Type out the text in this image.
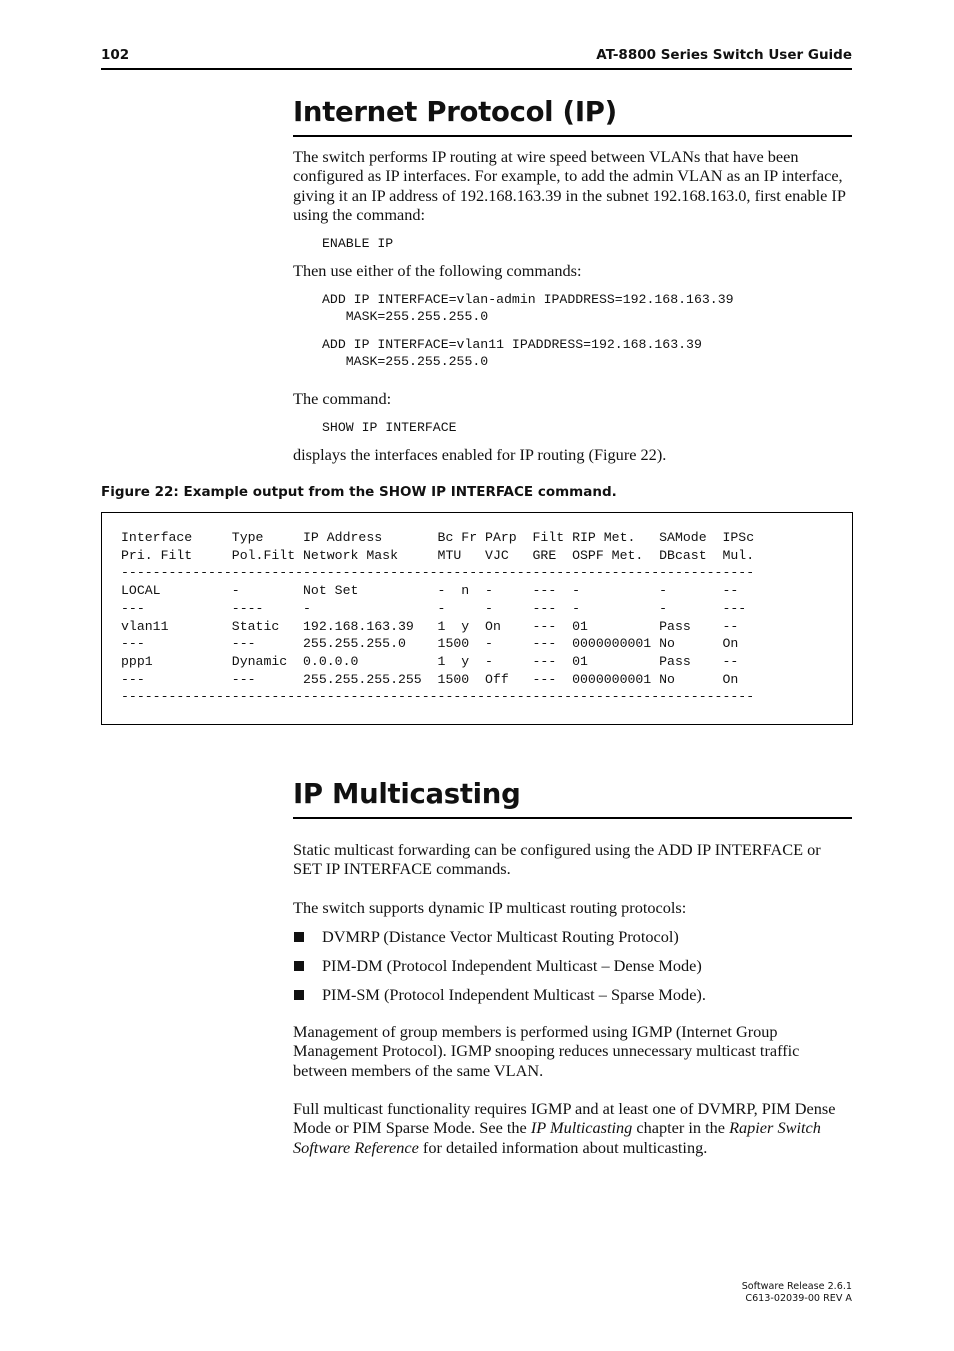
102	AT-8800 Series Switch User Guide
Internet Protocol (IP)
The switch performs IP routing at wire speed between VLANs that have been configured as IP interfaces. For example, to add the admin VLAN as an IP interface, giving it an IP address of 192.168.163.39 in the subnet 192.168.163.0, first enable IP using the command:
ENABLE IP
Then use either of the following commands:
ADD IP INTERFACE=vlan-admin IPADDRESS=192.168.163.39
MASK=255.255.255.0
ADD IP INTERFACE=vlan11 IPADDRESS=192.168.163.39
MASK=255.255.255.0
The command:
SHOW IP INTERFACE
displays the interfaces enabled for IP routing (Figure 22).
Figure 22: Example output from the SHOW IP INTERFACE command.
Interface     Type     IP Address       Bc Fr PArp  Filt RIP Met.   SAMode  IPSc
Pri. Filt     Pol.Filt Network Mask     MTU   VJC   GRE  OSPF Met.  DBcast  Mul.
--------------------------------------------------------------------------------
LOCAL         -        Not Set          -  n  -     ---  -          -       --
---           ----     -                -     -     ---  -          -       ---
vlan11        Static   192.168.163.39   1  y  On    ---  01         Pass    --
---           ---      255.255.255.0    1500  -     ---  0000000001 No      On
ppp1          Dynamic  0.0.0.0          1  y  -     ---  01         Pass    --
---           ---      255.255.255.255  1500  Off   ---  0000000001 No      On
--------------------------------------------------------------------------------
IP Multicasting
Static multicast forwarding can be configured using the ADD IP INTERFACE or SET IP INTERFACE commands.
The switch supports dynamic IP multicast routing protocols:
DVMRP (Distance Vector Multicast Routing Protocol)
PIM-DM (Protocol Independent Multicast – Dense Mode)
PIM-SM (Protocol Independent Multicast – Sparse Mode).
Management of group members is performed using IGMP (Internet Group Management Protocol). IGMP snooping reduces unnecessary multicast traffic between members of the same VLAN.
Full multicast functionality requires IGMP and at least one of DVMRP, PIM Dense Mode or PIM Sparse Mode. See the IP Multicasting chapter in the Rapier Switch Software Reference for detailed information about multicasting.
Software Release 2.6.1
C613-02039-00 REV A
